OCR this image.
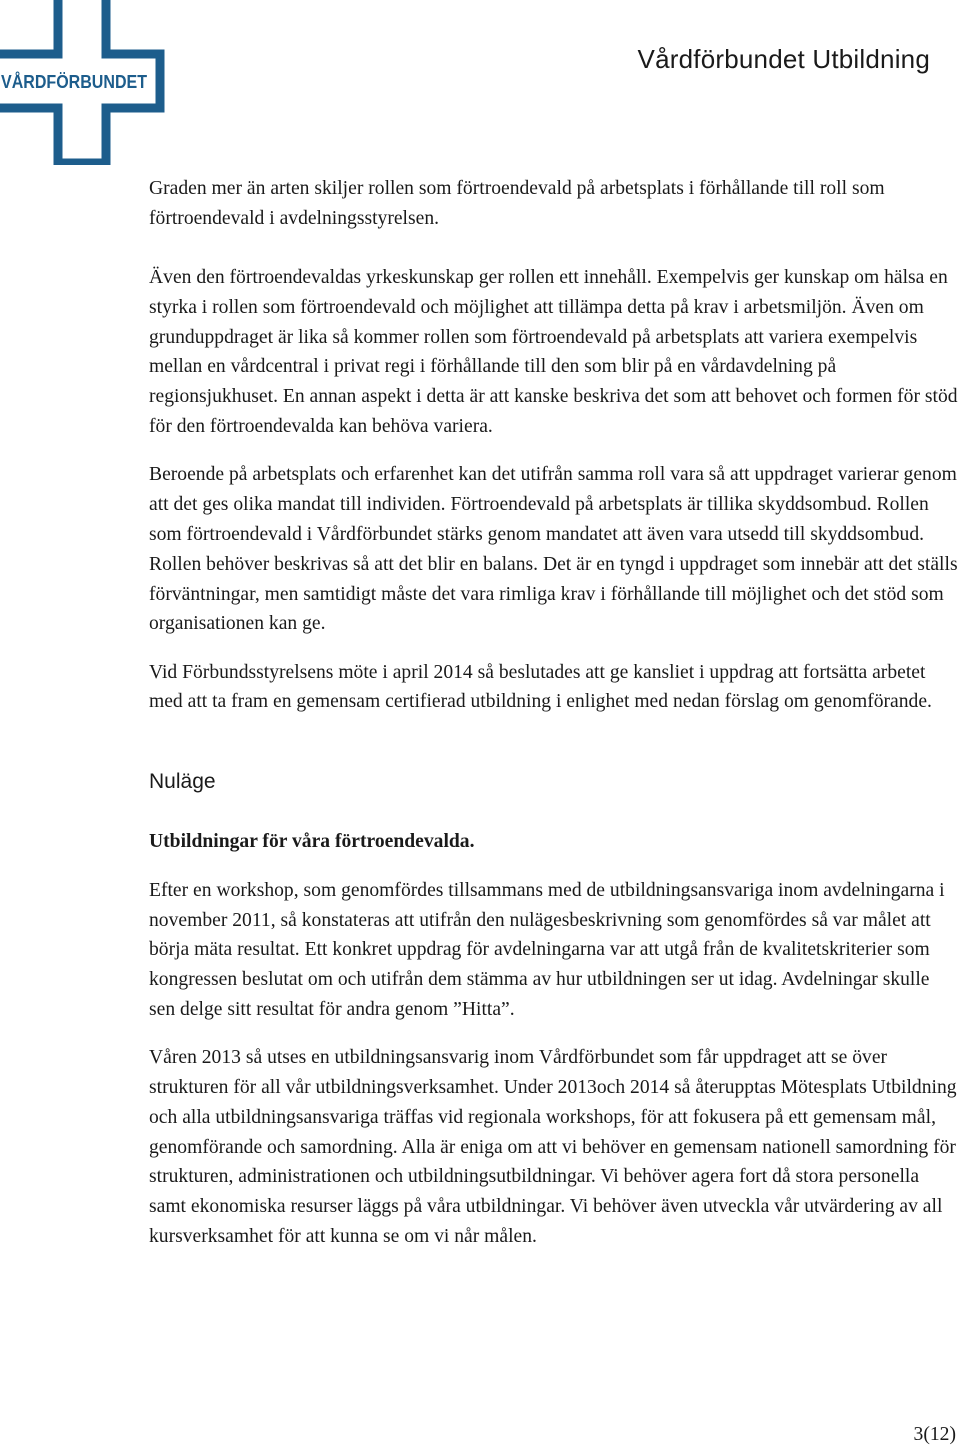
VÅRDFÖRBUNDET
Vårdförbundet Utbildning

Graden mer än arten skiljer rollen som förtroendevald på arbetsplats i förhållande till roll som förtroendevald i avdelningsstyrelsen.

Även den förtroendevaldas yrkeskunskap ger rollen ett innehåll. Exempelvis ger kunskap om hälsa en styrka i rollen som förtroendevald och möjlighet att tillämpa detta på krav i arbetsmiljön. Även om grunduppdraget är lika så kommer rollen som förtroendevald på arbetsplats att variera exempelvis mellan en vårdcentral i privat regi i förhållande till den som blir på en vårdavdelning på regionsjukhuset. En annan aspekt i detta är att kanske beskriva det som att behovet och formen för stöd för den förtroendevalda kan behöva variera.

Beroende på arbetsplats och erfarenhet kan det utifrån samma roll vara så att uppdraget varierar genom att det ges olika mandat till individen. Förtroendevald på arbetsplats är tillika skyddsombud. Rollen som förtroendevald i Vårdförbundet stärks genom mandatet att även vara utsedd till skyddsombud. Rollen behöver beskrivas så att det blir en balans. Det är en tyngd i uppdraget som innebär att det ställs förväntningar, men samtidigt måste det vara rimliga krav i förhållande till möjlighet och det stöd som organisationen kan ge.

Vid Förbundsstyrelsens möte i april 2014 så beslutades att ge kansliet i uppdrag att fortsätta arbetet med att ta fram en gemensam certifierad utbildning i enlighet med nedan förslag om genomförande.

Nuläge
Utbildningar för våra förtroendevalda.

Efter en workshop, som genomfördes tillsammans med de utbildningsansvariga inom avdelningarna i november 2011, så konstateras att utifrån den nulägesbeskrivning som genomfördes så var målet att börja mäta resultat. Ett konkret uppdrag för avdelningarna var att utgå från de kvalitetskriterier som kongressen beslutat om och utifrån dem stämma av hur utbildningen ser ut idag. Avdelningar skulle sen delge sitt resultat för andra genom ”Hitta”.

Våren 2013 så utses en utbildningsansvarig inom Vårdförbundet som får uppdraget att se över strukturen för all vår utbildningsverksamhet. Under 2013och 2014 så återupptas Mötesplats Utbildning och alla utbildningsansvariga träffas vid regionala workshops, för att fokusera på ett gemensam mål, genomförande och samordning. Alla är eniga om att vi behöver en gemensam nationell samordning för strukturen, administrationen och utbildningsutbildningar. Vi behöver agera fort då stora personella samt ekonomiska resurser läggs på våra utbildningar. Vi behöver även utveckla vår utvärdering av all kursverksamhet för att kunna se om vi når målen.

3(12)
